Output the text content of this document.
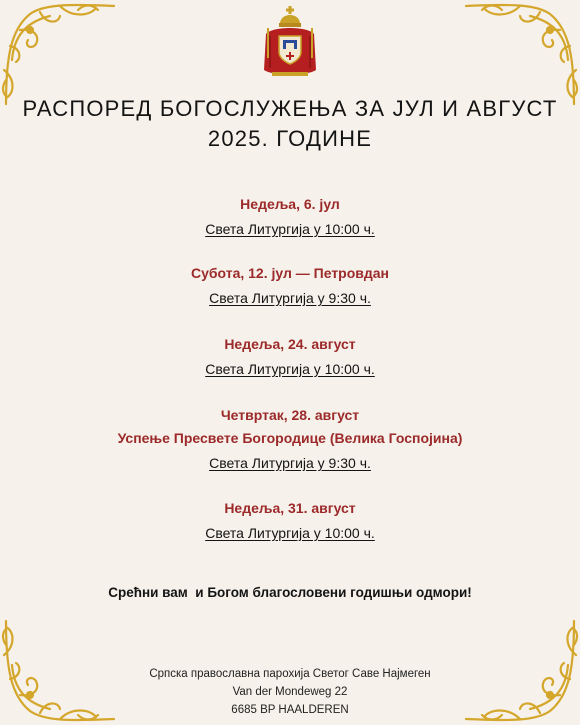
РАСПОРЕД БОГОСЛУЖЕЊА ЗА ЈУЛ И АВГУСТ
2025. ГОДИНЕ
Недеља, 6. јул
Света Литургија у 10:00 ч.
Субота, 12. јул — Петровдан
Света Литургија у 9:30 ч.
Недеља, 24. август
Света Литургија у 10:00 ч.
Четвртак, 28. август
Успење Пресвете Богородице (Велика Госпојина)
Света Литургија у 9:30 ч.
Недеља, 31. август
Света Литургија у 10:00 ч.
Срећни вам  и Богом благословени годишњи одмори!
Српска православна парохија Светог Саве Најмеген
Van der Mondeweg 22
6685 BP HAALDEREN
